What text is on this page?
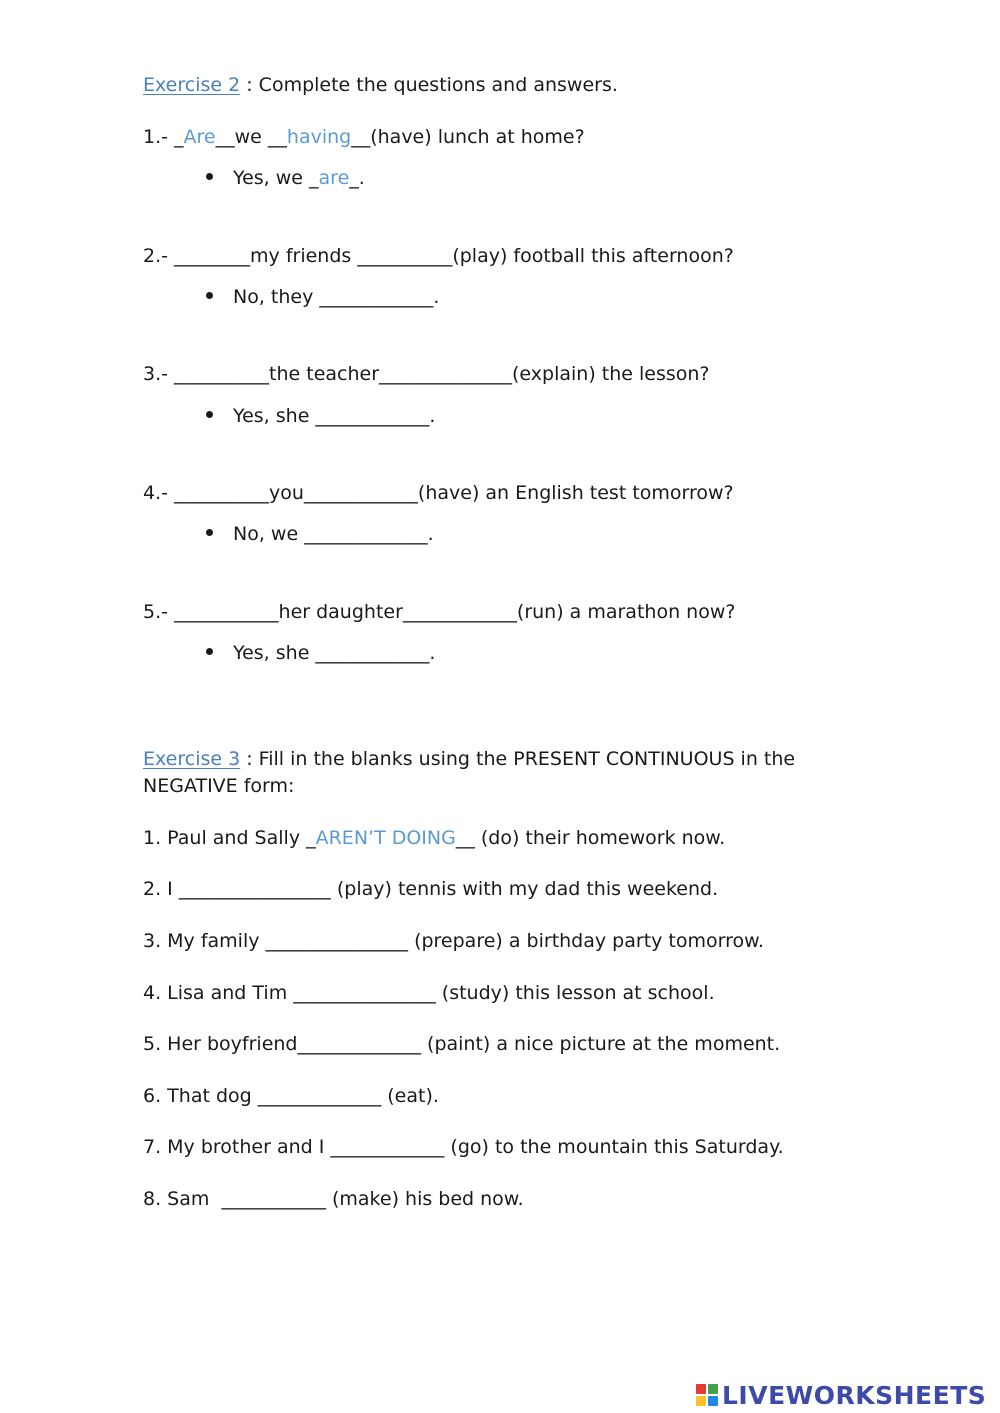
Exercise 2 : Complete the questions and answers.
1.- _Are__we __having__(have) lunch at home?
Yes, we _are_.
2.- ________my friends __________(play) football this afternoon?
No, they ____________.
3.- __________the teacher______________(explain) the lesson?
Yes, she ____________.
4.- __________you____________(have) an English test tomorrow?
No, we _____________.
5.- ___________her daughter____________(run) a marathon now?
Yes, she ____________.
Exercise 3 : Fill in the blanks using the PRESENT CONTINUOUS in the
NEGATIVE form:
1. Paul and Sally _AREN’T DOING__ (do) their homework now.
2. I ________________ (play) tennis with my dad this weekend.
3. My family _______________ (prepare) a birthday party tomorrow.
4. Lisa and Tim _______________ (study) this lesson at school.
5. Her boyfriend_____________ (paint) a nice picture at the moment.
6. That dog _____________ (eat).
7. My brother and I ____________ (go) to the mountain this Saturday.
8. Sam  ___________ (make) his bed now.
LIVEWORKSHEETS
